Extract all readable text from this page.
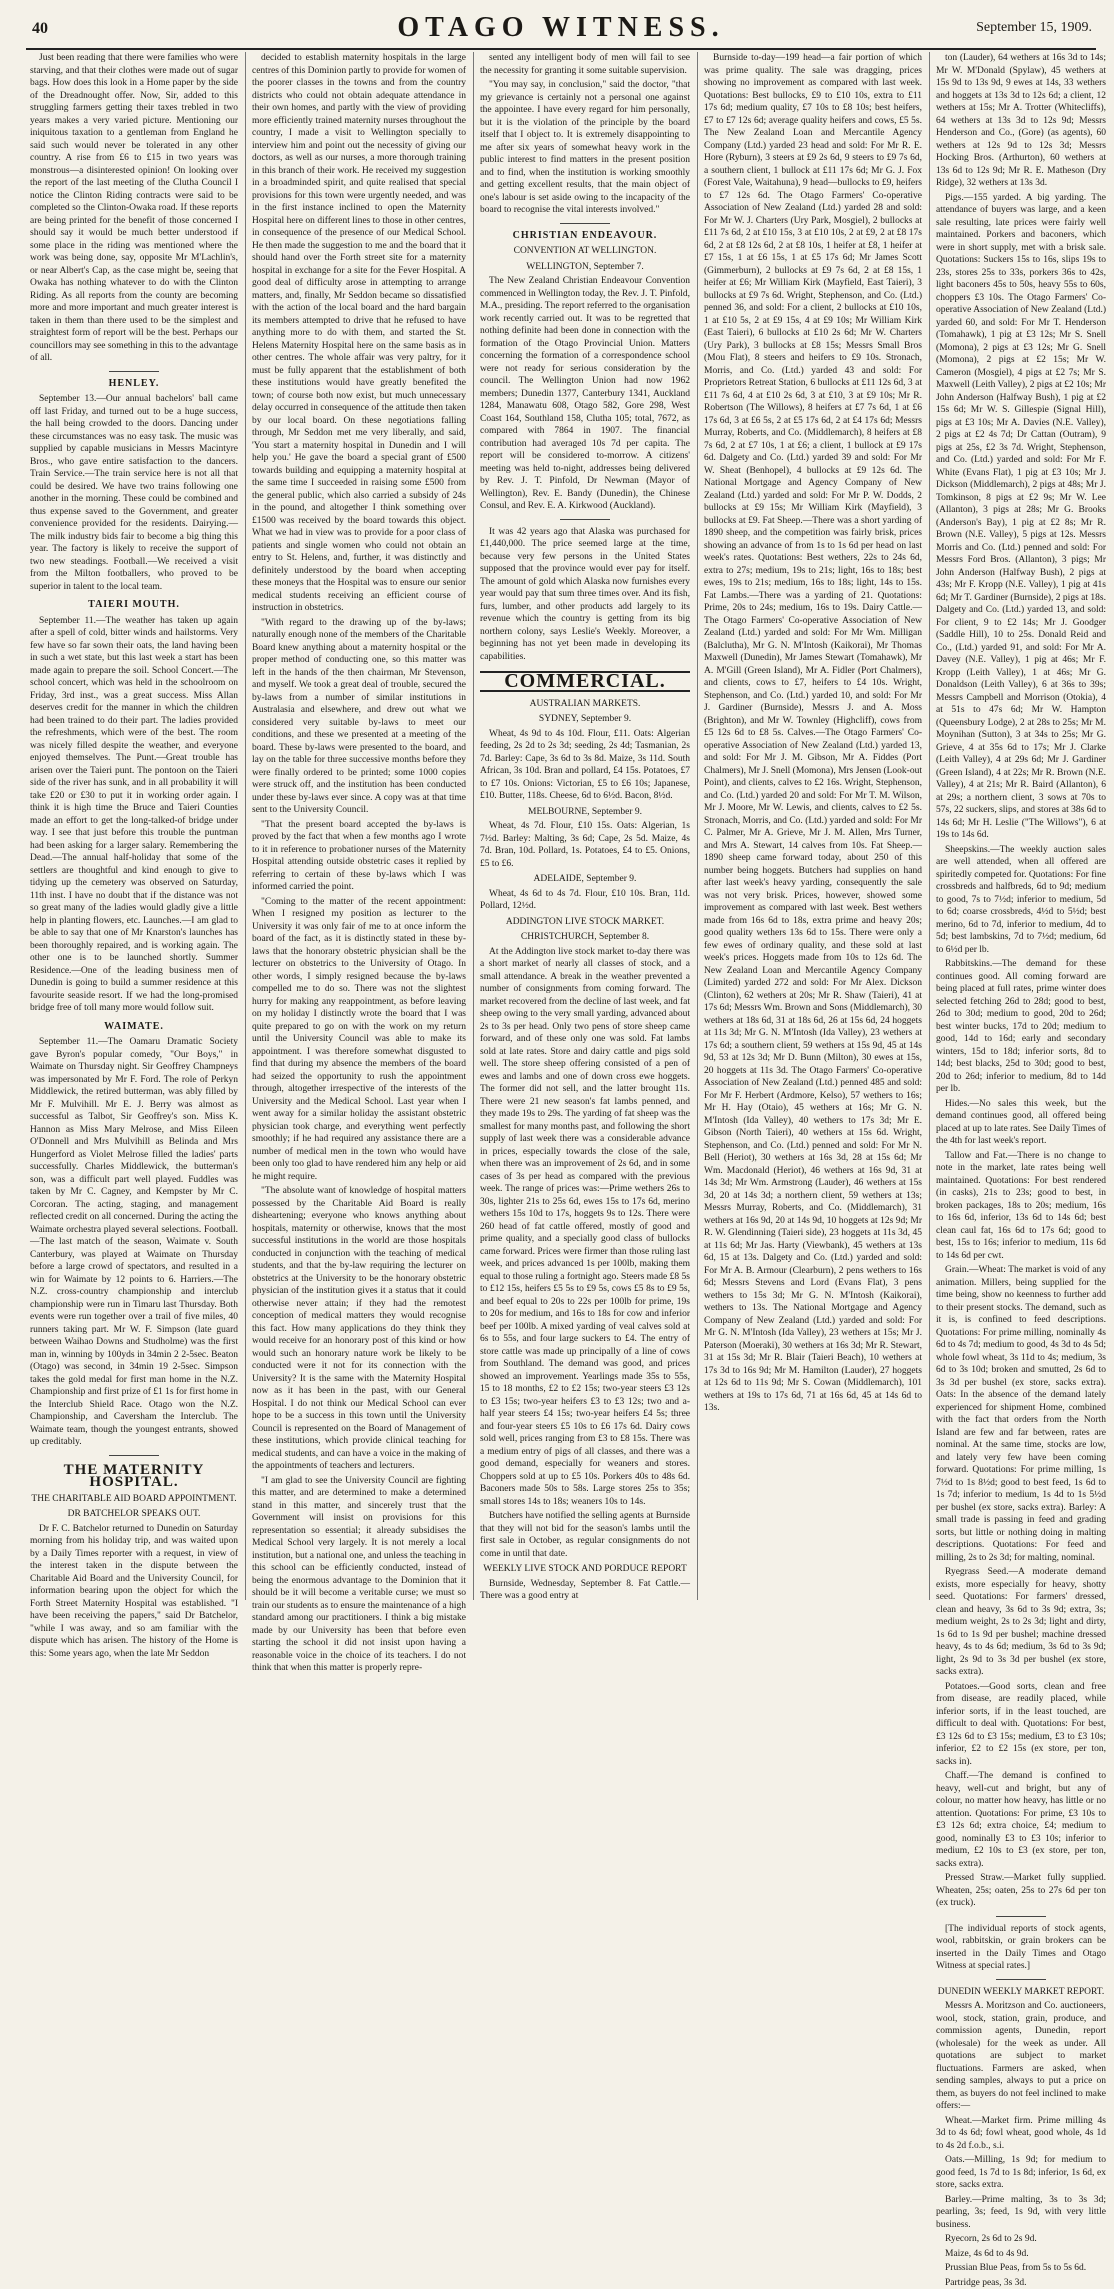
40	OTAGO WITNESS.	September 15, 1909.

Just been reading that there were families who were starving, and that their clothes were made out of sugar bags. How does this look in a Home paper by the side of the Dreadnought offer. Now, Sir, added to this struggling farmers getting their taxes trebled in two years makes a very varied picture. Mentioning our iniquitous taxation to a gentleman from England he said such would never be tolerated in any other country. A rise from £6 to £15 in two years was monstrous—a disinterested opinion! On looking over the report of the last meeting of the Clutha Council I notice the Clinton Riding contracts were said to be completed so the Clinton-Owaka road. If these reports are being printed for the benefit of those concerned I should say it would be much better understood if some place in the riding was mentioned where the work was being done, say, opposite Mr M'Lachlin's, or near Albert's Cap, as the case might be, seeing that Owaka has nothing whatever to do with the Clinton Riding. As all reports from the county are becoming more and more important and much greater interest is taken in them than there used to be the simplest and straightest form of report will be the best. Perhaps our councillors may see something in this to the advantage of all.

HENLEY.

September 13.—Our annual bachelors' ball came off last Friday, and turned out to be a huge success, the hall being crowded to the doors. Dancing under these circumstances was no easy task. The music was supplied by capable musicians in Messrs Macintyre Bros., who gave entire satisfaction to the dancers. Train Service.—The train service here is not all that could be desired. We have two trains following one another in the morning. These could be combined and thus expense saved to the Government, and greater convenience provided for the residents. Dairying.—The milk industry bids fair to become a big thing this year. The factory is likely to receive the support of two new steadings. Football.—We received a visit from the Milton footballers, who proved to be superior in talent to the local team.

TAIERI MOUTH.

September 11.—The weather has taken up again after a spell of cold, bitter winds and hailstorms. Very few have so far sown their oats, the land having been in such a wet state, but this last week a start has been made again to prepare the soil. School Concert.—The school concert, which was held in the schoolroom on Friday, 3rd inst., was a great success. Miss Allan deserves credit for the manner in which the children had been trained to do their part. The ladies provided the refreshments, which were of the best. The room was nicely filled despite the weather, and everyone enjoyed themselves. The Punt.—Great trouble has arisen over the Taieri punt. The pontoon on the Taieri side of the river has sunk, and in all probability it will take £20 or £30 to put it in working order again. I think it is high time the Bruce and Taieri Counties made an effort to get the long-talked-of bridge under way. I see that just before this trouble the puntman had been asking for a larger salary. Remembering the Dead.—The annual half-holiday that some of the settlers are thoughtful and kind enough to give to tidying up the cemetery was observed on Saturday, 11th inst. I have no doubt that if the distance was not so great many of the ladies would gladly give a little help in planting flowers, etc. Launches.—I am glad to be able to say that one of Mr Knarston's launches has been thoroughly repaired, and is working again. The other one is to be launched shortly. Summer Residence.—One of the leading business men of Dunedin is going to build a summer residence at this favourite seaside resort. If we had the long-promised bridge free of toll many more would follow suit.

WAIMATE.

September 11.—The Oamaru Dramatic Society gave Byron's popular comedy, "Our Boys," in Waimate on Thursday night. Sir Geoffrey Champneys was impersonated by Mr F. Ford. The role of Perkyn Middlewick, the retired butterman, was ably filled by Mr F. Mulvihill. Mr E. J. Berry was almost as successful as Talbot, Sir Geoffrey's son. Miss K. Hannon as Miss Mary Melrose, and Miss Eileen O'Donnell and Mrs Mulvihill as Belinda and Mrs Hungerford as Violet Melrose filled the ladies' parts successfully. Charles Middlewick, the butterman's son, was a difficult part well played. Fuddles was taken by Mr C. Cagney, and Kempster by Mr C. Corcoran. The acting, staging, and management reflected credit on all concerned. During the acting the Waimate orchestra played several selections. Football.—The last match of the season, Waimate v. South Canterbury, was played at Waimate on Thursday before a large crowd of spectators, and resulted in a win for Waimate by 12 points to 6. Harriers.—The N.Z. cross-country championship and interclub championship were run in Timaru last Thursday. Both events were run together over a trail of five miles, 40 runners taking part. Mr W. F. Simpson (late guard between Waihao Downs and Studholme) was the first man in, winning by 100yds in 34min 2 2-5sec. Beaton (Otago) was second, in 34min 19 2-5sec. Simpson takes the gold medal for first man home in the N.Z. Championship and first prize of £1 1s for first home in the Interclub Shield Race. Otago won the N.Z. Championship, and Caversham the Interclub. The Waimate team, though the youngest entrants, showed up creditably.

THE MATERNITY HOSPITAL.
THE CHARITABLE AID BOARD APPOINTMENT.
DR BATCHELOR SPEAKS OUT.

Dr F. C. Batchelor returned to Dunedin on Saturday morning from his holiday trip, and was waited upon by a Daily Times reporter with a request, in view of the interest taken in the dispute between the Charitable Aid Board and the University Council, for information bearing upon the object for which the Forth Street Maternity Hospital was established. "I have been receiving the papers," said Dr Batchelor, "while I was away, and so am familiar with the dispute which has arisen. The history of the Home is this: Some years ago, when the late Mr Seddon

decided to establish maternity hospitals in the large centres of this Dominion partly to provide for women of the poorer classes in the towns and from the country districts who could not obtain adequate attendance in their own homes, and partly with the view of providing more efficiently trained maternity nurses throughout the country, I made a visit to Wellington specially to interview him and point out the necessity of giving our doctors, as well as our nurses, a more thorough training in this branch of their work. He received my suggestion in a broadminded spirit, and quite realised that special provisions for this town were urgently needed, and was in the first instance inclined to open the Maternity Hospital here on different lines to those in other centres, in consequence of the presence of our Medical School. He then made the suggestion to me and the board that it should hand over the Forth street site for a maternity hospital in exchange for a site for the Fever Hospital. A good deal of difficulty arose in attempting to arrange matters, and, finally, Mr Seddon became so dissatisfied with the action of the local board and the hard bargain its members attempted to drive that he refused to have anything more to do with them, and started the St. Helens Maternity Hospital here on the same basis as in other centres. The whole affair was very paltry, for it must be fully apparent that the establishment of both these institutions would have greatly benefited the town; of course both now exist, but much unnecessary delay occurred in consequence of the attitude then taken by our local board. On these negotiations falling through, Mr Seddon met me very liberally, and said, 'You start a maternity hospital in Dunedin and I will help you.' He gave the board a special grant of £500 towards building and equipping a maternity hospital at the same time I succeeded in raising some £500 from the general public, which also carried a subsidy of 24s in the pound, and altogether I think something over £1500 was received by the board towards this object. What we had in view was to provide for a poor class of patients and single women who could not obtain an entry to St. Helens, and, further, it was distinctly and definitely understood by the board when accepting these moneys that the Hospital was to ensure our senior medical students receiving an efficient course of instruction in obstetrics.

"With regard to the drawing up of the by-laws; naturally enough none of the members of the Charitable Board knew anything about a maternity hospital or the proper method of conducting one, so this matter was left in the hands of the then chairman, Mr Stevenson, and myself. We took a great deal of trouble, secured the by-laws from a number of similar institutions in Australasia and elsewhere, and drew out what we considered very suitable by-laws to meet our conditions, and these we presented at a meeting of the board. These by-laws were presented to the board, and lay on the table for three successive months before they were finally ordered to be printed; some 1000 copies were struck off, and the institution has been conducted under these by-laws ever since. A copy was at that time sent to the University Council.

"That the present board accepted the by-laws is proved by the fact that when a few months ago I wrote to it in reference to probationer nurses of the Maternity Hospital attending outside obstetric cases it replied by referring to certain of these by-laws which I was informed carried the point.

"Coming to the matter of the recent appointment: When I resigned my position as lecturer to the University it was only fair of me to at once inform the board of the fact, as it is distinctly stated in these by-laws that the honorary obstetric physician shall be the lecturer on obstetrics to the University of Otago. In other words, I simply resigned because the by-laws compelled me to do so. There was not the slightest hurry for making any reappointment, as before leaving on my holiday I distinctly wrote the board that I was quite prepared to go on with the work on my return until the University Council was able to make its appointment. I was therefore somewhat disgusted to find that during my absence the members of the board had seized the opportunity to rush the appointment through, altogether irrespective of the interests of the University and the Medical School. Last year when I went away for a similar holiday the assistant obstetric physician took charge, and everything went perfectly smoothly; if he had required any assistance there are a number of medical men in the town who would have been only too glad to have rendered him any help or aid he might require.

"The absolute want of knowledge of hospital matters possessed by the Charitable Aid Board is really disheartening; everyone who knows anything about hospitals, maternity or otherwise, knows that the most successful institutions in the world are those hospitals conducted in conjunction with the teaching of medical students, and that the by-law requiring the lecturer on obstetrics at the University to be the honorary obstetric physician of the institution gives it a status that it could otherwise never attain; if they had the remotest conception of medical matters they would recognise this fact. How many applications do they think they would receive for an honorary post of this kind or how would such an honorary nature work be likely to be conducted were it not for its connection with the University? It is the same with the Maternity Hospital now as it has been in the past, with our General Hospital. I do not think our Medical School can ever hope to be a success in this town until the University Council is represented on the Board of Management of these institutions, which provide clinical teaching for medical students, and can have a voice in the making of the appointments of teachers and lecturers.

"I am glad to see the University Council are fighting this matter, and are determined to make a determined stand in this matter, and sincerely trust that the Government will insist on provisions for this representation so essential; it already subsidises the Medical School very largely. It is not merely a local institution, but a national one, and unless the teaching in this school can be efficiently conducted, instead of being the enormous advantage to the Dominion that it should be it will become a veritable curse; we must so train our students as to ensure the maintenance of a high standard among our practitioners. I think a big mistake made by our University has been that before even starting the school it did not insist upon having a reasonable voice in the choice of its teachers. I do not think that when this matter is properly repre-

sented any intelligent body of men will fail to see the necessity for granting it some suitable supervision.

"You may say, in conclusion," said the doctor, "that my grievance is certainly not a personal one against the appointee. I have every regard for him personally, but it is the violation of the principle by the board itself that I object to. It is extremely disappointing to me after six years of somewhat heavy work in the public interest to find matters in the present position and to find, when the institution is working smoothly and getting excellent results, that the main object of one's labour is set aside owing to the incapacity of the board to recognise the vital interests involved."

CHRISTIAN ENDEAVOUR.
CONVENTION AT WELLINGTON.
WELLINGTON, September 7.

The New Zealand Christian Endeavour Convention commenced in Wellington today, the Rev. J. T. Pinfold, M.A., presiding. The report referred to the organisation work recently carried out. It was to be regretted that nothing definite had been done in connection with the formation of the Otago Provincial Union. Matters concerning the formation of a correspondence school were not ready for serious consideration by the council. The Wellington Union had now 1962 members; Dunedin 1377, Canterbury 1341, Auckland 1284, Manawatu 608, Otago 582, Gore 298, West Coast 164, Southland 158, Clutha 105; total, 7672, as compared with 7864 in 1907. The financial contribution had averaged 10s 7d per capita. The report will be considered to-morrow. A citizens' meeting was held to-night, addresses being delivered by Rev. J. T. Pinfold, Dr Newman (Mayor of Wellington), Rev. E. Bandy (Dunedin), the Chinese Consul, and Rev. E. A. Kirkwood (Auckland).

It was 42 years ago that Alaska was purchased for £1,440,000. The price seemed large at the time, because very few persons in the United States supposed that the province would ever pay for itself. The amount of gold which Alaska now furnishes every year would pay that sum three times over. And its fish, furs, lumber, and other products add largely to its revenue which the country is getting from its big northern colony, says Leslie's Weekly. Moreover, a beginning has not yet been made in developing its capabilities.

COMMERCIAL.
AUSTRALIAN MARKETS.
SYDNEY, September 9.

Wheat, 4s 9d to 4s 10d. Flour, £11. Oats: Algerian feeding, 2s 2d to 2s 3d; seeding, 2s 4d; Tasmanian, 2s 7d. Barley: Cape, 3s 6d to 3s 8d. Maize, 3s 11d. South African, 3s 10d. Bran and pollard, £4 15s. Potatoes, £7 to £7 10s. Onions: Victorian, £5 to £6 10s; Japanese, £10. Butter, 118s. Cheese, 6d to 6½d. Bacon, 8½d.

MELBOURNE, September 9.

Wheat, 4s 7d. Flour, £10 15s. Oats: Algerian, 1s 7½d. Barley: Malting, 3s 6d; Cape, 2s 5d. Maize, 4s 7d. Bran, 10d. Pollard, 1s. Potatoes, £4 to £5. Onions, £5 to £6.

ADELAIDE, September 9.

Wheat, 4s 6d to 4s 7d. Flour, £10 10s. Bran, 11d. Pollard, 12½d.

ADDINGTON LIVE STOCK MARKET.
CHRISTCHURCH, September 8.

At the Addington live stock market to-day there was a short market of nearly all classes of stock, and a small attendance. A break in the weather prevented a number of consignments from coming forward. The market recovered from the decline of last week, and fat sheep owing to the very small yarding, advanced about 2s to 3s per head. Only two pens of store sheep came forward, and of these only one was sold. Fat lambs sold at late rates. Store and dairy cattle and pigs sold well. The store sheep offering consisted of a pen of ewes and lambs and one of down cross ewe hoggets. The former did not sell, and the latter brought 11s. There were 21 new season's fat lambs penned, and they made 19s to 29s. The yarding of fat sheep was the smallest for many months past, and following the short supply of last week there was a considerable advance in prices, especially towards the close of the sale, when there was an improvement of 2s 6d, and in some cases of 3s per head as compared with the previous week. The range of prices was:—Prime wethers 26s to 30s, lighter 21s to 25s 6d, ewes 15s to 17s 6d, merino wethers 15s 10d to 17s, hoggets 9s to 12s. There were 260 head of fat cattle offered, mostly of good and prime quality, and a specially good class of bullocks came forward. Prices were firmer than those ruling last week, and prices advanced 1s per 100lb, making them equal to those ruling a fortnight ago. Steers made £8 5s to £12 15s, heifers £5 5s to £9 5s, cows £5 8s to £9 5s, and beef equal to 20s to 22s per 100lb for prime, 19s to 20s for medium, and 16s to 18s for cow and inferior beef per 100lb. A mixed yarding of veal calves sold at 6s to 55s, and four large suckers to £4. The entry of store cattle was made up principally of a line of cows from Southland. The demand was good, and prices showed an improvement. Yearlings made 35s to 55s, 15 to 18 months, £2 to £2 15s; two-year steers £3 12s to £3 15s; two-year heifers £3 to £3 12s; two and a-half year steers £4 15s; two-year heifers £4 5s; three and four-year steers £5 10s to £6 17s 6d. Dairy cows sold well, prices ranging from £3 to £8 15s. There was a medium entry of pigs of all classes, and there was a good demand, especially for weaners and stores. Choppers sold at up to £5 10s. Porkers 40s to 48s 6d. Baconers made 50s to 58s. Large stores 25s to 35s; small stores 14s to 18s; weaners 10s to 14s.

Butchers have notified the selling agents at Burnside that they will not bid for the season's lambs until the first sale in October, as regular consignments do not come in until that date.

WEEKLY LIVE STOCK AND PORDUCE REPORT

Burnside, Wednesday, September 8. Fat Cattle.—There was a good entry at

Burnside to-day—199 head—a fair portion of which was prime quality. The sale was dragging, prices showing no improvement as compared with last week. Quotations: Best bullocks, £9 to £10 10s, extra to £11 17s 6d; medium quality, £7 10s to £8 10s; best heifers, £7 to £7 12s 6d; average quality heifers and cows, £5 5s. The New Zealand Loan and Mercantile Agency Company (Ltd.) yarded 23 head and sold: For Mr R. E. Hore (Ryburn), 3 steers at £9 2s 6d, 9 steers to £9 7s 6d, a southern client, 1 bullock at £11 17s 6d; Mr G. J. Fox (Forest Vale, Waitahuna), 9 head—bullocks to £9, heifers to £7 12s 6d. The Otago Farmers' Co-operative Association of New Zealand (Ltd.) yarded 28 and sold: For Mr W. J. Charters (Ury Park, Mosgiel), 2 bullocks at £11 7s 6d, 2 at £10 15s, 3 at £10 10s, 2 at £9, 2 at £8 17s 6d, 2 at £8 12s 6d, 2 at £8 10s, 1 heifer at £8, 1 heifer at £7 15s, 1 at £6 15s, 1 at £5 17s 6d; Mr James Scott (Gimmerburn), 2 bullocks at £9 7s 6d, 2 at £8 15s, 1 heifer at £6; Mr William Kirk (Mayfield, East Taieri), 3 bullocks at £9 7s 6d. Wright, Stephenson, and Co. (Ltd.) penned 36, and sold: For a client, 2 bullocks at £10 10s, 1 at £10 5s, 2 at £9 15s, 4 at £9 10s; Mr William Kirk (East Taieri), 6 bullocks at £10 2s 6d; Mr W. Charters (Ury Park), 3 bullocks at £8 15s; Messrs Small Bros (Mou Flat), 8 steers and heifers to £9 10s. Stronach, Morris, and Co. (Ltd.) yarded 43 and sold: For Proprietors Retreat Station, 6 bullocks at £11 12s 6d, 3 at £11 7s 6d, 4 at £10 2s 6d, 3 at £10, 3 at £9 10s; Mr R. Robertson (The Willows), 8 heifers at £7 7s 6d, 1 at £6 17s 6d, 3 at £6 5s, 2 at £5 17s 6d, 2 at £4 17s 6d; Messrs Murray, Roberts, and Co. (Middlemarch), 8 heifers at £8 7s 6d, 2 at £7 10s, 1 at £6; a client, 1 bullock at £9 17s 6d. Dalgety and Co. (Ltd.) yarded 39 and sold: For Mr W. Sheat (Benhopel), 4 bullocks at £9 12s 6d. The National Mortgage and Agency Company of New Zealand (Ltd.) yarded and sold: For Mr P. W. Dodds, 2 bullocks at £9 15s; Mr William Kirk (Mayfield), 3 bullocks at £9. Fat Sheep.—There was a short yarding of 1890 sheep, and the competition was fairly brisk, prices showing an advance of from 1s to 1s 6d per head on last week's rates. Quotations: Best wethers, 22s to 24s 6d, extra to 27s; medium, 19s to 21s; light, 16s to 18s; best ewes, 19s to 21s; medium, 16s to 18s; light, 14s to 15s. Fat Lambs.—There was a yarding of 21. Quotations: Prime, 20s to 24s; medium, 16s to 19s. Dairy Cattle.—The Otago Farmers' Co-operative Association of New Zealand (Ltd.) yarded and sold: For Mr Wm. Milligan (Balclutha), Mr G. N. M'Intosh (Kaikorai), Mr Thomas Maxwell (Dunedin), Mr James Stewart (Tomahawk), Mr A. M'Gill (Green Island), Mr A. Fidler (Port Chalmers), and clients, cows to £7, heifers to £4 10s. Wright, Stephenson, and Co. (Ltd.) yarded 10, and sold: For Mr J. Gardiner (Burnside), Messrs J. and A. Moss (Brighton), and Mr W. Townley (Highcliff), cows from £5 12s 6d to £8 5s. Calves.—The Otago Farmers' Co-operative Association of New Zealand (Ltd.) yarded 13, and sold: For Mr J. M. Gibson, Mr A. Fiddes (Port Chalmers), Mr J. Snell (Momona), Mrs Jensen (Look-out Point), and clients, calves to £2 16s. Wright, Stephenson, and Co. (Ltd.) yarded 20 and sold: For Mr T. M. Wilson, Mr J. Moore, Mr W. Lewis, and clients, calves to £2 5s. Stronach, Morris, and Co. (Ltd.) yarded and sold: For Mr C. Palmer, Mr A. Grieve, Mr J. M. Allen, Mrs Turner, and Mrs A. Stewart, 14 calves from 10s. Fat Sheep.—1890 sheep came forward today, about 250 of this number being hoggets. Butchers had supplies on hand after last week's heavy yarding, consequently the sale was not very brisk. Prices, however, showed some improvement as compared with last week. Best wethers made from 16s 6d to 18s, extra prime and heavy 20s; good quality wethers 13s 6d to 15s. There were only a few ewes of ordinary quality, and these sold at last week's prices. Hoggets made from 10s to 12s 6d. The New Zealand Loan and Mercantile Agency Company (Limited) yarded 272 and sold: For Mr Alex. Dickson (Clinton), 62 wethers at 20s; Mr R. Shaw (Taieri), 41 at 17s 6d; Messrs Wm. Brown and Sons (Middlemarch), 30 wethers at 18s 6d, 31 at 18s 6d, 26 at 15s 6d, 24 hoggets at 11s 3d; Mr G. N. M'Intosh (Ida Valley), 23 wethers at 17s 6d; a southern client, 59 wethers at 15s 9d, 45 at 14s 9d, 53 at 12s 3d; Mr D. Bunn (Milton), 30 ewes at 15s, 20 hoggets at 11s 3d. The Otago Farmers' Co-operative Association of New Zealand (Ltd.) penned 485 and sold: For Mr F. Herbert (Ardmore, Kelso), 57 wethers to 16s; Mr H. Hay (Otaio), 45 wethers at 16s; Mr G. N. M'Intosh (Ida Valley), 40 wethers to 17s 3d; Mr E. Gibson (North Taieri), 40 wethers at 15s 6d. Wright, Stephenson, and Co. (Ltd.) penned and sold: For Mr N. Bell (Heriot), 30 wethers at 16s 3d, 28 at 15s 6d; Mr Wm. Macdonald (Heriot), 46 wethers at 16s 9d, 31 at 14s 3d; Mr Wm. Armstrong (Lauder), 46 wethers at 15s 3d, 20 at 14s 3d; a northern client, 59 wethers at 13s; Messrs Murray, Roberts, and Co. (Middlemarch), 31 wethers at 16s 9d, 20 at 14s 9d, 10 hoggets at 12s 9d; Mr R. W. Glendinning (Taieri side), 23 hoggets at 11s 3d, 45 at 11s 6d; Mr Jas. Harty (Viewbank), 45 wethers at 13s 6d, 15 at 13s. Dalgety and Co. (Ltd.) yarded and sold: For Mr A. B. Armour (Clearburn), 2 pens wethers to 16s 6d; Messrs Stevens and Lord (Evans Flat), 3 pens wethers to 15s 3d; Mr G. N. M'Intosh (Kaikorai), wethers to 13s. The National Mortgage and Agency Company of New Zealand (Ltd.) yarded and sold: For Mr G. N. M'Intosh (Ida Valley), 23 wethers at 15s; Mr J. Paterson (Moeraki), 30 wethers at 16s 3d; Mr R. Stewart, 31 at 15s 3d; Mr R. Blair (Taieri Beach), 10 wethers at 17s 3d to 16s 9d; Mr M. Hamilton (Lauder), 27 hoggets at 12s 6d to 11s 9d; Mr S. Cowan (Middlemarch), 101 wethers at 19s to 17s 6d, 71 at 16s 6d, 45 at 14s 6d to 13s.

ton (Lauder), 64 wethers at 16s 3d to 14s; Mr W. M'Donald (Spylaw), 45 wethers at 15s 9d to 13s 9d, 9 ewes at 14s, 33 wethers and hoggets at 13s 3d to 12s 6d; a client, 12 wethers at 15s; Mr A. Trotter (Whitecliffs), 64 wethers at 13s 3d to 12s 9d; Messrs Henderson and Co., (Gore) (as agents), 60 wethers at 12s 9d to 12s 3d; Messrs Hocking Bros. (Arthurton), 60 wethers at 13s 6d to 12s 9d; Mr R. E. Matheson (Dry Ridge), 32 wethers at 13s 3d.

Pigs.—155 yarded. A big yarding. The attendance of buyers was large, and a keen sale resulting, late prices were fairly well maintained. Porkers and baconers, which were in short supply, met with a brisk sale. Quotations: Suckers 15s to 16s, slips 19s to 23s, stores 25s to 33s, porkers 36s to 42s, light baconers 45s to 50s, heavy 55s to 60s, choppers £3 10s. The Otago Farmers' Co-operative Association of New Zealand (Ltd.) yarded 60, and sold: For Mr T. Henderson (Tomahawk), 1 pig at £3 12s; Mr S. Snell (Momona), 2 pigs at £3 12s; Mr G. Snell (Momona), 2 pigs at £2 15s; Mr W. Cameron (Mosgiel), 4 pigs at £2 7s; Mr S. Maxwell (Leith Valley), 2 pigs at £2 10s; Mr John Anderson (Halfway Bush), 1 pig at £2 15s 6d; Mr W. S. Gillespie (Signal Hill), pigs at £3 10s; Mr A. Davies (N.E. Valley), 2 pigs at £2 4s 7d; Dr Cattan (Outram), 9 pigs at 25s, £2 3s 7d. Wright, Stephenson, and Co. (Ltd.) yarded and sold: For Mr F. White (Evans Flat), 1 pig at £3 10s; Mr J. Dickson (Middlemarch), 2 pigs at 48s; Mr J. Tomkinson, 8 pigs at £2 9s; Mr W. Lee (Allanton), 3 pigs at 28s; Mr G. Brooks (Anderson's Bay), 1 pig at £2 8s; Mr R. Brown (N.E. Valley), 5 pigs at 12s. Messrs Morris and Co. (Ltd.) penned and sold: For Messrs Ford Bros. (Allanton), 3 pigs; Mr John Anderson (Halfway Bush), 2 pigs at 43s; Mr F. Kropp (N.E. Valley), 1 pig at 41s 6d; Mr T. Gardiner (Burnside), 2 pigs at 18s. Dalgety and Co. (Ltd.) yarded 13, and sold: For client, 9 to £2 14s; Mr J. Goodger (Saddle Hill), 10 to 25s. Donald Reid and Co., (Ltd.) yarded 91, and sold: For Mr A. Davey (N.E. Valley), 1 pig at 46s; Mr F. Kropp (Leith Valley), 1 at 46s; Mr G. Donaldson (Leith Valley), 6 at 36s to 39s; Messrs Campbell and Morrison (Otokia), 4 at 51s to 47s 6d; Mr W. Hampton (Queensbury Lodge), 2 at 28s to 25s; Mr M. Moynihan (Sutton), 3 at 34s to 25s; Mr G. Grieve, 4 at 35s 6d to 17s; Mr J. Clarke (Leith Valley), 4 at 29s 6d; Mr J. Gardiner (Green Island), 4 at 22s; Mr R. Brown (N.E. Valley), 4 at 21s; Mr R. Baird (Allanton), 6 at 29s; a northern client, 3 sows at 70s to 57s, 22 suckers, slips, and stores at 38s 6d to 14s 6d; Mr H. Leslie ("The Willows"), 6 at 19s to 14s 6d.

Sheepskins.—The weekly auction sales are well attended, when all offered are spiritedly competed for. Quotations: For fine crossbreds and halfbreds, 6d to 9d; medium to good, 7s to 7½d; inferior to medium, 5d to 6d; coarse crossbreds, 4½d to 5½d; best merino, 6d to 7d, inferior to medium, 4d to 5d; best lambskins, 7d to 7½d; medium, 6d to 6½d per lb.

Rabbitskins.—The demand for these continues good. All coming forward are being placed at full rates, prime winter does selected fetching 26d to 28d; good to best, 26d to 30d; medium to good, 20d to 26d; best winter bucks, 17d to 20d; medium to good, 14d to 16d; early and secondary winters, 15d to 18d; inferior sorts, 8d to 14d; best blacks, 25d to 30d; good to best, 20d to 26d; inferior to medium, 8d to 14d per lb.

Hides.—No sales this week, but the demand continues good, all offered being placed at up to late rates. See Daily Times of the 4th for last week's report.

Tallow and Fat.—There is no change to note in the market, late rates being well maintained. Quotations: For best rendered (in casks), 21s to 23s; good to best, in broken packages, 18s to 20s; medium, 16s to 16s 6d, inferior, 13s 6d to 14s 6d; best clean caul fat, 16s 6d to 17s 6d; good to best, 15s to 16s; inferior to medium, 11s 6d to 14s 6d per cwt.

Grain.—Wheat: The market is void of any animation. Millers, being supplied for the time being, show no keenness to further add to their present stocks. The demand, such as it is, is confined to feed descriptions. Quotations: For prime milling, nominally 4s 6d to 4s 7d; medium to good, 4s 3d to 4s 5d; whole fowl wheat, 3s 11d to 4s; medium, 3s 6d to 3s 10d; broken and smutted, 2s 6d to 3s 3d per bushel (ex store, sacks extra). Oats: In the absence of the demand lately experienced for shipment Home, combined with the fact that orders from the North Island are few and far between, rates are nominal. At the same time, stocks are low, and lately very few have been coming forward. Quotations: For prime milling, 1s 7½d to 1s 8½d; good to best feed, 1s 6d to 1s 7d; inferior to medium, 1s 4d to 1s 5½d per bushel (ex store, sacks extra). Barley: A small trade is passing in feed and grading sorts, but little or nothing doing in malting descriptions. Quotations: For feed and milling, 2s to 2s 3d; for malting, nominal.

Ryegrass Seed.—A moderate demand exists, more especially for heavy, shotty seed. Quotations: For farmers' dressed, clean and heavy, 3s 6d to 3s 9d; extra, 3s; medium weight, 2s to 2s 3d; light and dirty, 1s 6d to 1s 9d per bushel; machine dressed heavy, 4s to 4s 6d; medium, 3s 6d to 3s 9d; light, 2s 9d to 3s 3d per bushel (ex store, sacks extra).

Potatoes.—Good sorts, clean and free from disease, are readily placed, while inferior sorts, if in the least touched, are difficult to deal with. Quotations: For best, £3 12s 6d to £3 15s; medium, £3 to £3 10s; inferior, £2 to £2 15s (ex store, per ton, sacks in).

Chaff.—The demand is confined to heavy, well-cut and bright, but any of colour, no matter how heavy, has little or no attention. Quotations: For prime, £3 10s to £3 12s 6d; extra choice, £4; medium to good, nominally £3 to £3 10s; inferior to medium, £2 10s to £3 (ex store, per ton, sacks extra).

Pressed Straw.—Market fully supplied. Wheaten, 25s; oaten, 25s to 27s 6d per ton (ex truck).

[The individual reports of stock agents, wool, rabbitskin, or grain brokers can be inserted in the Daily Times and Otago Witness at special rates.]

DUNEDIN WEEKLY MARKET REPORT.

Messrs A. Moritzson and Co. auctioneers, wool, stock, station, grain, produce, and commission agents, Dunedin, report (wholesale) for the week as under. All quotations are subject to market fluctuations. Farmers are asked, when sending samples, always to put a price on them, as buyers do not feel inclined to make offers:—

Wheat.—Market firm. Prime milling 4s 3d to 4s 6d; fowl wheat, good whole, 4s 1d to 4s 2d f.o.b., s.i.

Oats.—Milling, 1s 9d; for medium to good feed, 1s 7d to 1s 8d; inferior, 1s 6d, ex store, sacks extra.

Barley.—Prime malting, 3s to 3s 3d; pearling, 3s; feed, 1s 9d, with very little business.

Ryecorn, 2s 6d to 2s 9d.

Maize, 4s 6d to 4s 9d.

Prussian Blue Peas, from 5s to 5s 6d.

Partridge peas, 3s 3d.
